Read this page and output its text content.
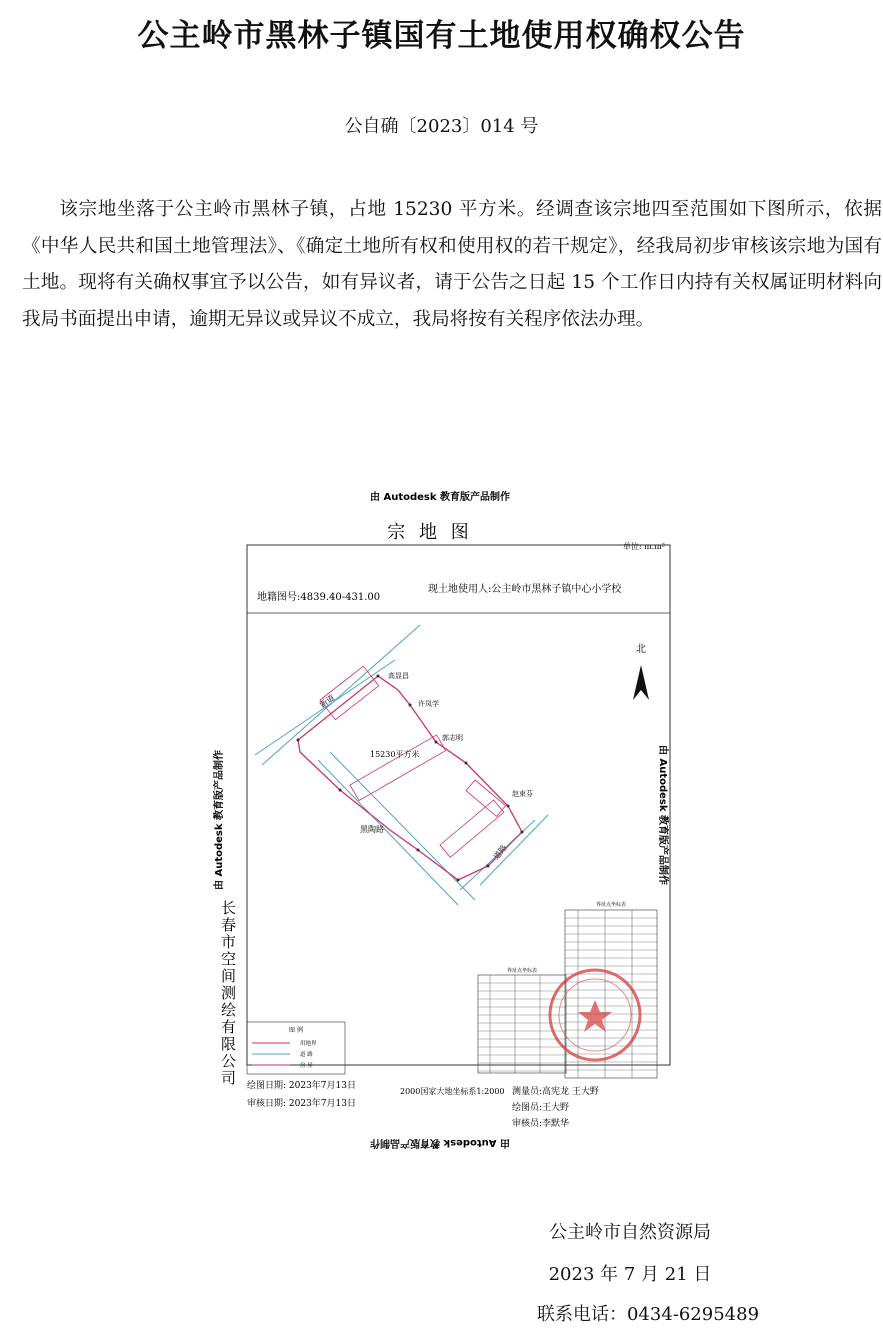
公主岭市黑林子镇国有土地使用权确权公告
公自确〔2023〕014 号
该宗地坐落于公主岭市黑林子镇，占地 15230 平方米。经调查该宗地四至范围如下图所示，依据《中华人民共和国土地管理法》、《确定土地所有权和使用权的若干规定》，经我局初步审核该宗地为国有土地。现将有关确权事宜予以公告，如有异议者，请于公告之日起 15 个工作日内持有关权属证明材料向我局书面提出申请，逾期无异议或异议不成立，我局将按有关程序依法办理。
由 Autodesk 教育版产品制作
宗 地 图
单位: m.m²
地籍图号:4839.40-431.00
现土地使用人:公主岭市黑林子镇中心小学校
由 Autodesk 教育版产品制作	由 Autodesk 教育版产品制作
由 Autodesk 教育版产品制作
北
新道
黑陶路
道路
15230平方米
高显昌
许凤学
郭志明
赵束芬
长春市空间测绘有限公司	图 例
用地界
道 路
房 屋
界址点坐标表
界址点坐标表
绘图日期: 2023年7月13日
审核日期: 2023年7月13日
2000国家大地坐标系1:2000 测量员:高宪龙 王大野
绘图员:王大野
审核员:李默华
公主岭市自然资源局
2023 年 7 月 21 日
联系电话：0434-6295489
